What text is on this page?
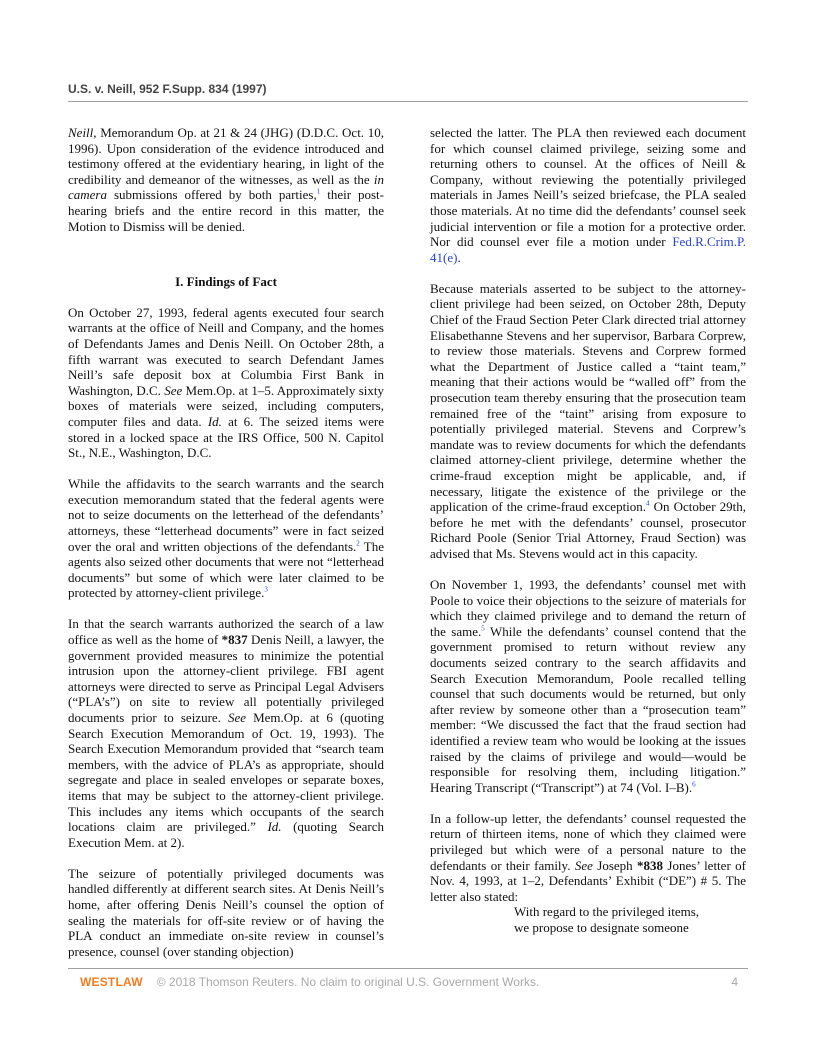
U.S. v. Neill, 952 F.Supp. 834 (1997)

Neill, Memorandum Op. at 21 & 24 (JHG) (D.D.C. Oct. 10, 1996). Upon consideration of the evidence introduced and testimony offered at the evidentiary hearing, in light of the credibility and demeanor of the witnesses, as well as the in camera submissions offered by both parties,$^1$ their post-hearing briefs and the entire record in this matter, the Motion to Dismiss will be denied.

I. Findings of Fact

On October 27, 1993, federal agents executed four search warrants at the office of Neill and Company, and the homes of Defendants James and Denis Neill. On October 28th, a fifth warrant was executed to search Defendant James Neill’s safe deposit box at Columbia First Bank in Washington, D.C. See Mem.Op. at 1–5. Approximately sixty boxes of materials were seized, including computers, computer files and data. Id. at 6. The seized items were stored in a locked space at the IRS Office, 500 N. Capitol St., N.E., Washington, D.C.

While the affidavits to the search warrants and the search execution memorandum stated that the federal agents were not to seize documents on the letterhead of the defendants’ attorneys, these “letterhead documents” were in fact seized over the oral and written objections of the defendants.$^2$ The agents also seized other documents that were not “letterhead documents” but some of which were later claimed to be protected by attorney-client privilege.$^3$

In that the search warrants authorized the search of a law office as well as the home of *837 Denis Neill, a lawyer, the government provided measures to minimize the potential intrusion upon the attorney-client privilege. FBI agent attorneys were directed to serve as Principal Legal Advisers (“PLA’s”) on site to review all potentially privileged documents prior to seizure. See Mem.Op. at 6 (quoting Search Execution Memorandum of Oct. 19, 1993). The Search Execution Memorandum provided that “search team members, with the advice of PLA’s as appropriate, should segregate and place in sealed envelopes or separate boxes, items that may be subject to the attorney-client privilege. This includes any items which occupants of the search locations claim are privileged.” Id. (quoting Search Execution Mem. at 2).

The seizure of potentially privileged documents was handled differently at different search sites. At Denis Neill’s home, after offering Denis Neill’s counsel the option of sealing the materials for off-site review or of having the PLA conduct an immediate on-site review in counsel’s presence, counsel (over standing objection)

selected the latter. The PLA then reviewed each document for which counsel claimed privilege, seizing some and returning others to counsel. At the offices of Neill & Company, without reviewing the potentially privileged materials in James Neill’s seized briefcase, the PLA sealed those materials. At no time did the defendants’ counsel seek judicial intervention or file a motion for a protective order. Nor did counsel ever file a motion under Fed.R.Crim.P. 41(e).

Because materials asserted to be subject to the attorney-client privilege had been seized, on October 28th, Deputy Chief of the Fraud Section Peter Clark directed trial attorney Elisabethanne Stevens and her supervisor, Barbara Corprew, to review those materials. Stevens and Corprew formed what the Department of Justice called a “taint team,” meaning that their actions would be “walled off” from the prosecution team thereby ensuring that the prosecution team remained free of the “taint” arising from exposure to potentially privileged material. Stevens and Corprew’s mandate was to review documents for which the defendants claimed attorney-client privilege, determine whether the crime-fraud exception might be applicable, and, if necessary, litigate the existence of the privilege or the application of the crime-fraud exception.$^4$ On October 29th, before he met with the defendants’ counsel, prosecutor Richard Poole (Senior Trial Attorney, Fraud Section) was advised that Ms. Stevens would act in this capacity.

On November 1, 1993, the defendants’ counsel met with Poole to voice their objections to the seizure of materials for which they claimed privilege and to demand the return of the same.$^5$ While the defendants’ counsel contend that the government promised to return without review any documents seized contrary to the search affidavits and Search Execution Memorandum, Poole recalled telling counsel that such documents would be returned, but only after review by someone other than a “prosecution team” member: “We discussed the fact that the fraud section had identified a review team who would be looking at the issues raised by the claims of privilege and would—would be responsible for resolving them, including litigation.” Hearing Transcript (“Transcript”) at 74 (Vol. I–B).$^6$

In a follow-up letter, the defendants’ counsel requested the return of thirteen items, none of which they claimed were privileged but which were of a personal nature to the defendants or their family. See Joseph *838 Jones’ letter of Nov. 4, 1993, at 1–2, Defendants’ Exhibit (“DE”) # 5. The letter also stated:

With regard to the privileged items,
we propose to designate someone
WESTLAW © 2018 Thomson Reuters. No claim to original U.S. Government Works.	4
